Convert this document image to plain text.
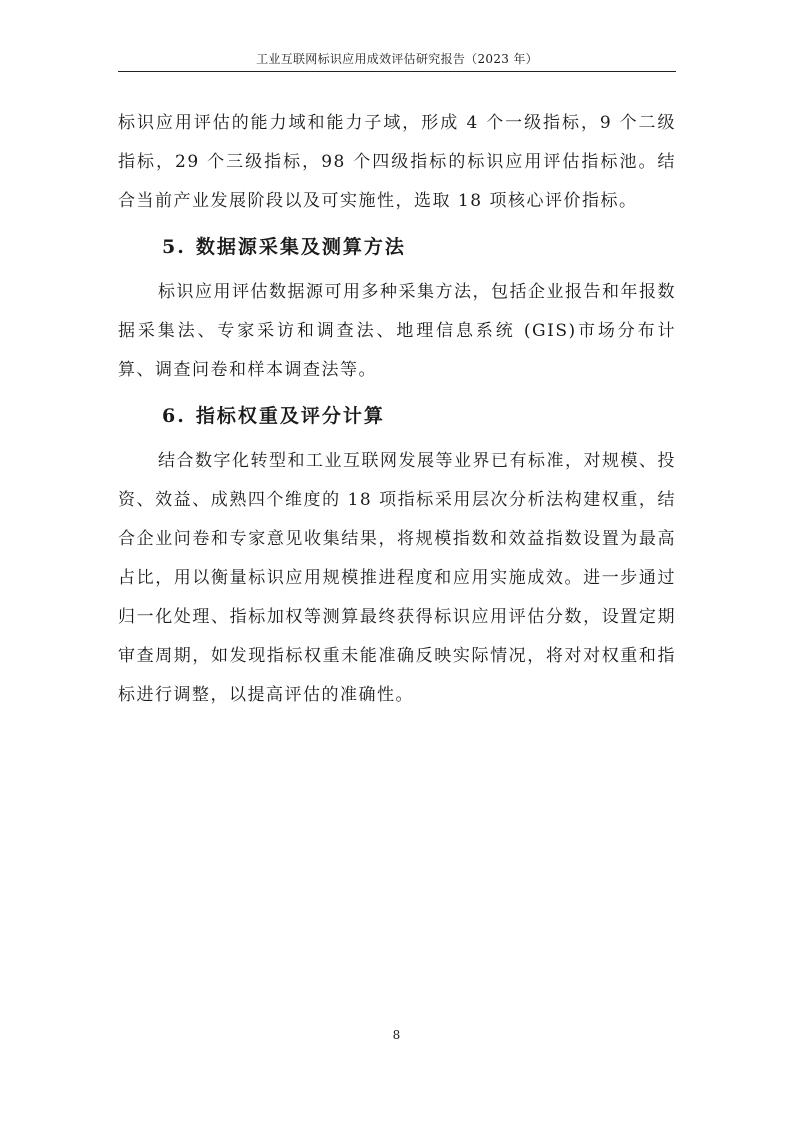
工业互联网标识应用成效评估研究报告（2023 年）

标识应用评估的能力域和能力子域，形成 4 个一级指标，9 个二级指标，29 个三级指标，98 个四级指标的标识应用评估指标池。结合当前产业发展阶段以及可实施性，选取 18 项核心评价指标。

5. 数据源采集及测算方法

标识应用评估数据源可用多种采集方法，包括企业报告和年报数据采集法、专家采访和调查法、地理信息系统 (GIS)市场分布计算、调查问卷和样本调查法等。

6. 指标权重及评分计算

结合数字化转型和工业互联网发展等业界已有标准，对规模、投资、效益、成熟四个维度的 18 项指标采用层次分析法构建权重，结合企业问卷和专家意见收集结果，将规模指数和效益指数设置为最高占比，用以衡量标识应用规模推进程度和应用实施成效。进一步通过归一化处理、指标加权等测算最终获得标识应用评估分数，设置定期审查周期，如发现指标权重未能准确反映实际情况，将对对权重和指标进行调整，以提高评估的准确性。

8
